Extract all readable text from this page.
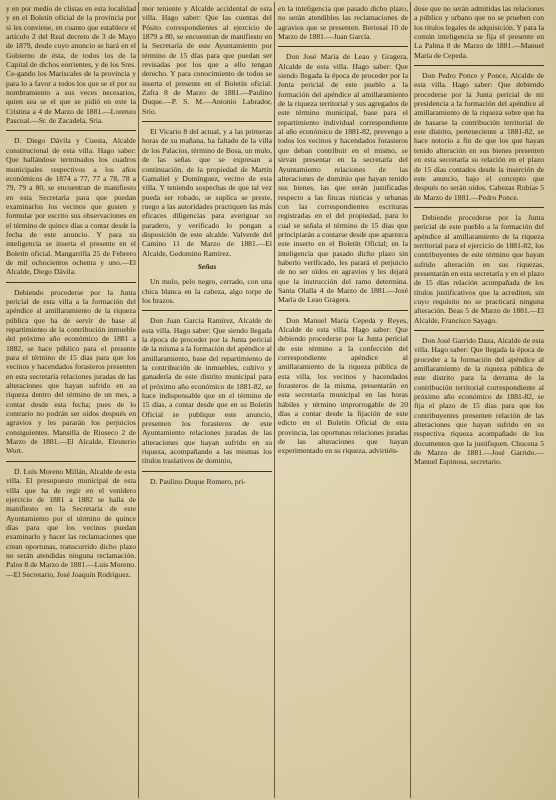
y en por medio de clistas en esta localidad y en el Boletín oficial de la provincia por si les conviene, en cuanto que establece el artículo 2 del Real decreto de 3 de Mayo de 1879, desde cuyo anuncio se hará en el Gobierno de ésta, de todos los de la Capital de dichos eorrientes, y de los Sres. Ce-gando los Mariscales de la provincia y para lo a favor a todos los que se el por su nombramiento a sus veces necesarios, quien sea se el que se pidió en este la Cristina a 4 de Marzo de 1881.—Lorenzo Pascual.—Sr. de Zacadela, Sria.

D. Diego Dávila y Cuesta, Alcalde constitucional de esta villa. Hago saber: Que hallándose terminados los cuadros municipales respectivos a los años económicos de 1874 a 77, 77 a 78, 78 a 79, 79 a 80, se encuentran de manifiesto en esta Secretaría para que puedan examinarlos los vecinos que gusten y formular por escrito sus observaciones en el término de quince días a contar desde la fecha de este anuncio. Y para su inteligencia se inserta el presente en el Boletín oficial. Mangarrilla 25 de Febrero de mil ochocientos ochenta y uno.—El Alcalde, Diego Dávila.

Debiendo procederse por la Junta pericial de esta villa a la formación del apéndice al amillaramiento de la riqueza pública que ha de servir de base al repartimiento de la contribución inmueble del próximo año económico de 1881 a 1882, se hace público para el presente para el término de 15 días para que los vecinos y hacendados forasteros presenten en esta secretaría relaciones juradas de las alteraciones que hayan sufrido en su riqueza dentro del término de un mes, a contar desde esta fecha; pues de lo contrario no podrán ser oídos después en agravios y les pararán los perjuicios consiguientes. Mansilla de Rioseco 2 de Marzo de 1881.—El Alcalde, Eleuterio Wort.

D. Luis Moreno Millán, Alcalde de esta villa. El presupuesto municipal de esta villa que ha de regir en el venidero ejercicio de 1881 a 1882 se halla de manifiesto en la Secretaría de este Ayuntamiento por el término de quince días para que los vecinos puedan examinarlo y hacer las reclamaciones que crean oportunas, transcurrido dicho plazo no serán atendidas ninguna reclamación. Palos 8 de Marzo de 1881.—Luis Moreno.—El Secretario, José Joaquín Rodríguez.

mor teniente y Alcalde accidental de esta villa. Hago saber: Que las cuentas del Pósito correspondientes al ejercicio de 1879 a 80, se encuentran de manifiesto en la Secretaría de este Ayuntamiento por término de 15 días para que puedan ser revisadas por los que a ello tengan derecho. Y para conocimiento de todos se inserta el presente en el Boletín oficial. Zafra 8 de Marzo de 1881.—Paulino Duque.—P. S. M.—Antonio Labrador, Srio.

El Vicario 8 del actual, y a las primeras horas de su mañana, ha faltado de la villa de los Palacios, término de Bosa, un mulo, de las señas que se expresan a continuación, de la propiedad de Martín Gamaliel y Domínguez, vecino de esta villa. Y teniendo sospechas de que tal vez pueda ser robado, se suplica se preste, ruego a las autoridades practiquen las más eficaces diligencias para averiguar su paradero, y verificado lo pongan a disposición de este alcalde. Valverde del Camino 11 de Marzo de 1881.—El Alcalde, Gedomino Ramírez.

Señas

Un mulo, pelo negro, cerrado, con una chica blanca en la cabeza, algo torpe de los brazos.

Don Juan García Ramírez, Alcalde de esta villa. Hago saber: Que siendo llegada la época de proceder por la Junta pericial de la misma a la formación del apéndice al amillaramiento, base del repartimiento de la contribución de inmuebles, cultivo y ganadería de este distrito municipal para el próximo año económico de 1881-82, se hace indispensable que en el término de 15 días, a contar desde que en su Boletín Oficial se publique este anuncio, presenten los forasteros de este Ayuntamiento relaciones juradas de las alteraciones que hayan sufrido en su riqueza, acompañando a las mismas los títulos traslativos de dominio,

D. Paulino Duque Romero, pri-

en la inteligencia que pasado dicho plazo, no serán atendibles las reclamaciones de agravios que se presenten. Beriosal 10 de Marzo de 1881.—Juan García.

Don José María de Leao y Gragera, Alcalde de esta villa. Hago saber: Que siendo llegada la época de proceder por la Junta pericial de este pueblo a la formación del apéndice al amillaramiento de la riqueza territorial y sus agregados de este término municipal, base para el repartimiento individual correspondiente al año económico de 1881-82, prevengo a todos los vecinos y hacendados forasteros que deban contribuir en el mismo, se sirvan presentar en la secretaría del Ayuntamiento relaciones de las alteraciones de dominio que hayan tenido sus bienes, las que serán justificadas respecto a las fincas rústicas y urbanas con las correspondientes escrituras registradas en el del propiedad, para lo cual se señala el término de 15 días que principiarán a contarse desde que aparezca este inserto en el Boletín Oficial; en la inteligencia que pasado dicho plazo sin haberlo verificado, les parará el perjuicio de no ser oídos en agravios y les dejará que la instrucción del ramo determina. Santa Olalla 4 de Marzo de 1881.—José María de Leao Gragera.

Don Manuel María Cepeda y Reyes, Alcalde de esta villa. Hago saber: Que debiendo procederse por la Junta pericial de este término a la confección del correspondiente apéndice al amillaramiento de la riqueza pública de esta villa, los vecinos y hacendados forasteros de la misma, presentarán en esta secretaría municipal en las horas hábiles y término improrrogable de 20 días a contar desde la fijación de este edicto en el Boletín Oficial de esta provincia, las oportunas relaciones juradas de las alteraciones que hayan experimentado en su riqueza, advirtién-

dose que no serán admitidas las relaciones a público y urbano que no se prueben con los títulos legales de adquisición. Y para la común inteligencia se fija el presente en La Palma 8 de Marzo de 1881.—Manuel María de Cepeda.

Don Pedro Ponce y Ponce, Alcalde de esta villa. Hago saber: Que debiendo procederse por la Junta pericial de mi presidencia a la formación del apéndice al amillaramiento de la riqueza sobre que ha de basarse la contribución territorial de este distrito, perteneciente a 1881-82, se hace notorio a fin de que los que hayan tenido alteración en sus bienes presenten en esta secretaría su relación en el plazo de 15 días contados desde la inserción de este anuncio, bajo el concepto que después no serán oídos. Cabezas Rubias 5 de Marzo de 1881.—Pedro Ponce.

Debiendo procederse por la Junta pericial de este pueblo a la formación del apéndice al amillaramiento de la riqueza territorial para el ejercicio de 1881-82, los contribuyentes de este término que hayan sufrido alteración en sus riquezas, presentarán en esta secretaría y en el plazo de 15 días relación acompañada de los títulos justificativos que la acrediten, sin cuyo requisito no se practicará ninguna alteración. Beas 5 de Marzo de 1881.—El Alcalde, Francisco Sayago.

Don José Garrido Daza, Alcalde de esta villa. Hago saber: Que llegada la época de proceder a la formación del apéndice al amillaramiento de la riqueza pública de este distrito para la derrama de la contribución territorial correspondiente al próximo año económico de 1881-82, se fija el plazo de 15 días para que los contribuyentes presenten relación de las alteraciones que hayan sufrido en su respectiva riqueza acompañado de los documentos que la justifiquen. Chucena 5 de Marzo de 1881.—José Garrido.—Manuel Espinosa, secretario.
